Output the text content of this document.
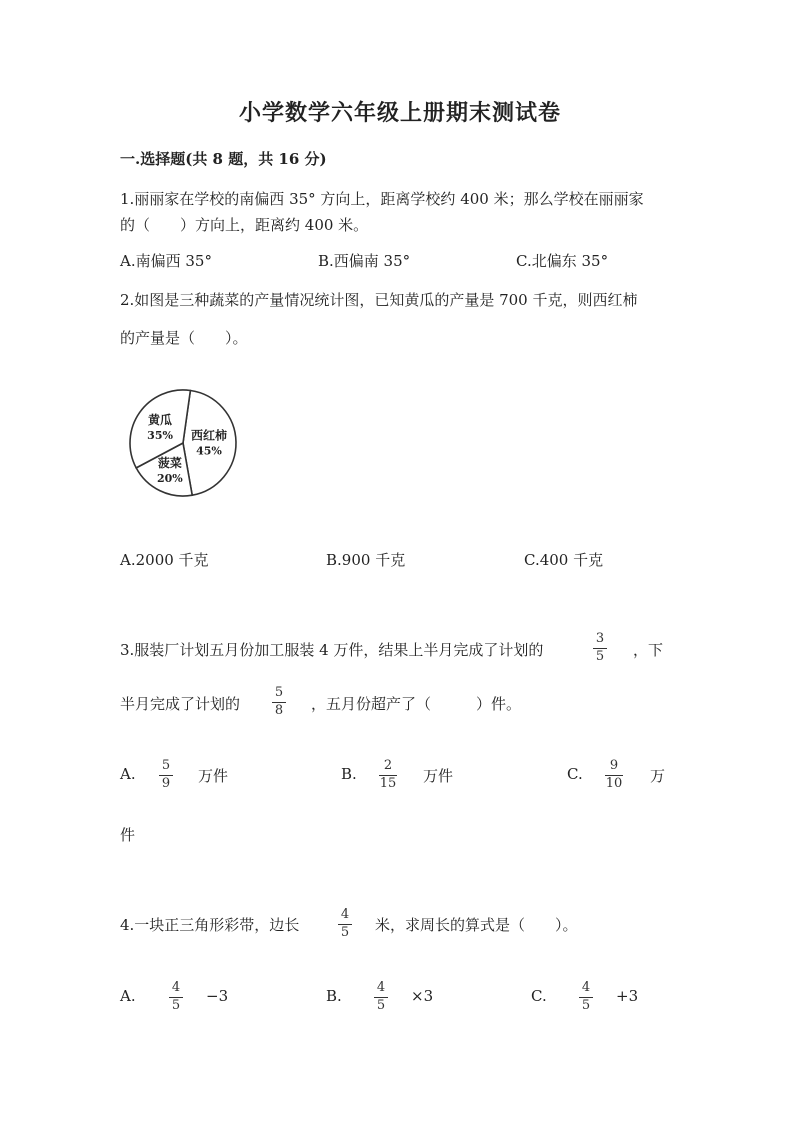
小学数学六年级上册期末测试卷
一.选择题(共 8 题，共 16 分)
1.丽丽家在学校的南偏西 35° 方向上，距离学校约 400 米；那么学校在丽丽家
的（　　）方向上，距离约 400 米。
A.南偏西 35°	B.西偏南 35°	C.北偏东 35°
2.如图是三种蔬菜的产量情况统计图，已知黄瓜的产量是 700 千克，则西红柿
的产量是（　　）。
西红柿
45%
菠菜
20%
黄瓜
35%
A.2000 千克	B.900 千克	C.400 千克
3.服装厂计划五月份加工服装 4 万件，结果上半月完成了计划的
3
5 ，下
半月完成了计划的
5
8 ，五月份超产了（　　　）件。
A. 5
9 万件	B. 2
15 万件	C. 9
10 万
件
4.一块正三角形彩带，边长
4
5 米，求周长的算式是（　　）。
A.	4
5
−3	B.	4
5
×3	C.	4
5
+3
